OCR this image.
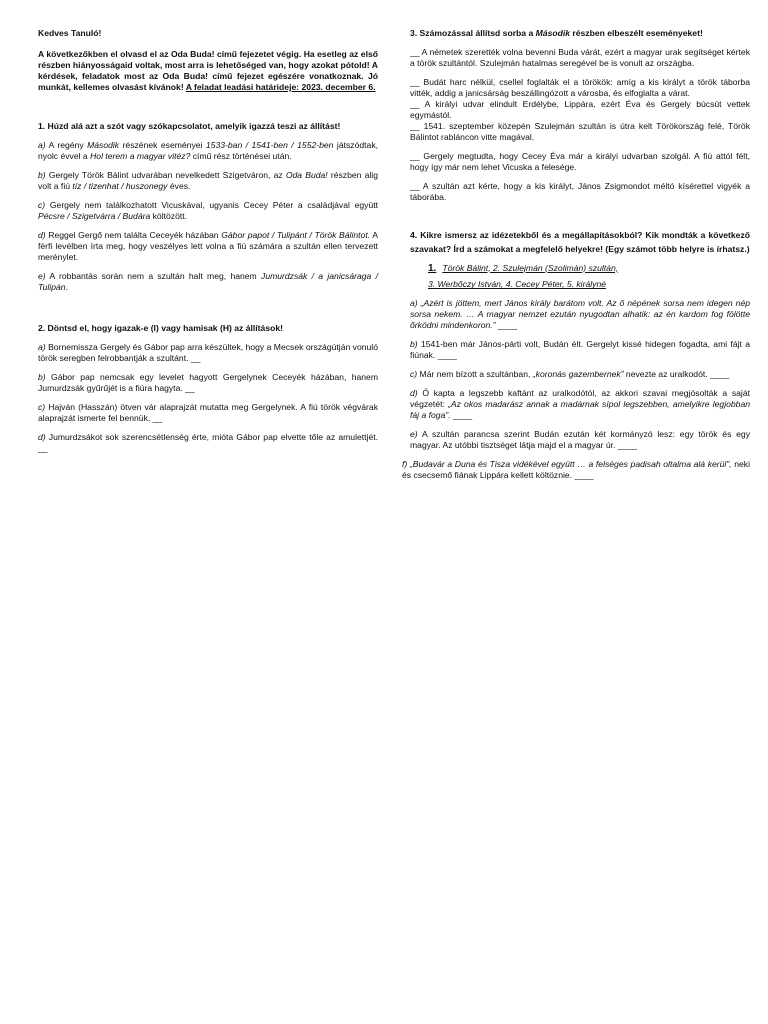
Kedves Tanuló!

A következőkben el olvasd el az Oda Buda! című fejezetet végig. Ha esetleg az első részben hiányosságaid voltak, most arra is lehetőséged van, hogy azokat pótold! A kérdések, feladatok most az Oda Buda! című fejezet egészére vonatkoznak. Jó munkát, kellemes olvasást kívánok! A feladat leadási határideje: 2023. december 6.

1. Húzd alá azt a szót vagy szókapcsolatot, amelyik igazzá teszi az állítást!

a) A regény Második részének eseményei 1533-ban / 1541-ben / 1552-ben játszódtak, nyolc évvel a Hol terem a magyar vitéz? című rész történései után.

b) Gergely Török Bálint udvarában nevelkedett Szigetváron, az Oda Buda! részben alig volt a fiú tíz / tizenhat / huszonegy éves.

c) Gergely nem találkozhatott Vicuskával, ugyanis Cecey Péter a családjával együtt Pécsre / Szigetvárra / Budára költözött.

d) Reggel Gergő nem találta Ceceyék házában Gábor papot / Tulipánt / Török Bálintot. A férfi levélben írta meg, hogy veszélyes lett volna a fiú számára a szultán ellen tervezett merénylet.

e) A robbantás során nem a szultán halt meg, hanem Jumurdzsák / a janicsáraga / Tulipán.

2. Döntsd el, hogy igazak-e (I) vagy hamisak (H) az állítások!

a) Bornemissza Gergely és Gábor pap arra készültek, hogy a Mecsek országútján vonuló török seregben felrobbantják a szultánt. __

b) Gábor pap nemcsak egy levelet hagyott Gergelynek Ceceyék házában, hanem Jumurdzsák gyűrűjét is a fiúra hagyta. __

c) Hajván (Hasszán) ötven vár alaprajzát mutatta meg Gergelynek. A fiú török végvárak alaprajzát ismerte fel bennük. __

d) Jumurdzsákot sok szerencsétlenség érte, mióta Gábor pap elvette tőle az amulettjét. __

3. Számozással állítsd sorba a Második részben elbeszélt eseményeket!

__ A németek szerették volna bevenni Buda várát, ezért a magyar urak segítséget kértek a török szultántól. Szulejmán hatalmas seregével be is vonult az országba.

__ Budát harc nélkül, csellel foglalták el a törökök: amíg a kis királyt a török táborba vitték, addig a janicsárság beszállingózott a városba, és elfoglalta a várat.

__ A királyi udvar elindult Erdélybe, Lippára, ezért Éva és Gergely búcsút vettek egymástól.

__ 1541. szeptember közepén Szulejmán szultán is útra kelt Törökország felé, Török Bálintot rabláncon vitte magával.

__ Gergely megtudta, hogy Cecey Éva már a királyi udvarban szolgál. A fiú attól félt, hogy így már nem lehet Vicuska a felesége.

__ A szultán azt kérte, hogy a kis királyt, János Zsigmondot méltó kísérettel vigyék a táborába.

4. Kikre ismersz az idézetekből és a megállapításokból? Kik mondták a következő szavakat? Írd a számokat a megfelelő helyekre! (Egy számot több helyre is írhatsz.)

1. Török Bálint, 2. Szulejmán (Szolimán) szultán,
3. Werbőczy István, 4. Cecey Péter, 5. királyné

a) „Azért is jöttem, mert János király barátom volt. Az ő népének sorsa nem idegen nép sorsa nekem. … A magyar nemzet ezután nyugodtan alhatik: az én kardom fog fölötte őrködni mindenkoron.” ____

b) 1541-ben már János-párti volt, Budán élt. Gergelyt kissé hidegen fogadta, ami fájt a fiúnak. ____

c) Már nem bízott a szultánban, „koronás gazembernek” nevezte az uralkodót. ____

d) Ő kapta a legszebb kaftánt az uralkodótól, az akkori szavai megjósolták a saját végzetét: „Az okos madarász annak a madárnak sípol legszebben, amelyikre legjobban fáj a foga”. ____

e) A szultán parancsa szerint Budán ezután két kormányzó lesz: egy török és egy magyar. Az utóbbi tisztséget látja majd el a magyar úr. ____

f) „Budavár a Duna és Tisza vidékével együtt … a felséges padisah oltalma alá kerül”, neki és csecsemő fiának Lippára kellett költöznie. ____
